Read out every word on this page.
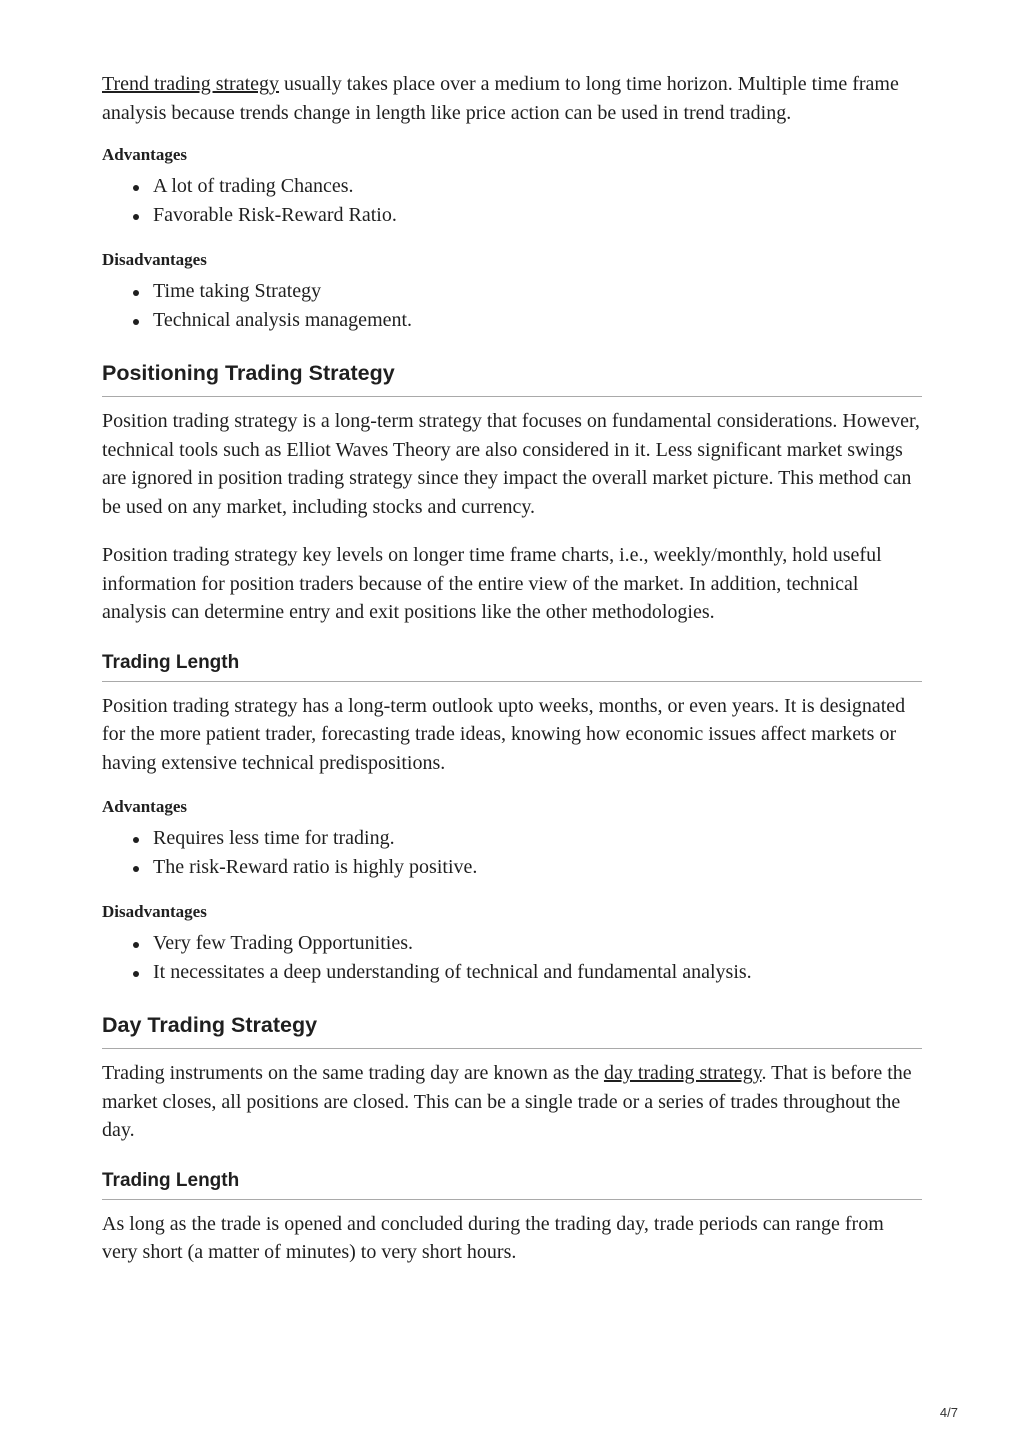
Trend trading strategy usually takes place over a medium to long time horizon. Multiple time frame analysis because trends change in length like price action can be used in trend trading.

Advantages
A lot of trading Chances.
Favorable Risk-Reward Ratio.
Disadvantages
Time taking Strategy
Technical analysis management.
Positioning Trading Strategy

Position trading strategy is a long-term strategy that focuses on fundamental considerations. However, technical tools such as Elliot Waves Theory are also considered in it. Less significant market swings are ignored in position trading strategy since they impact the overall market picture. This method can be used on any market, including stocks and currency.

Position trading strategy key levels on longer time frame charts, i.e., weekly/monthly, hold useful information for position traders because of the entire view of the market. In addition, technical analysis can determine entry and exit positions like the other methodologies.

Trading Length

Position trading strategy has a long-term outlook upto weeks, months, or even years. It is designated for the more patient trader, forecasting trade ideas, knowing how economic issues affect markets or having extensive technical predispositions.

Advantages
Requires less time for trading.
The risk-Reward ratio is highly positive.
Disadvantages
Very few Trading Opportunities.
It necessitates a deep understanding of technical and fundamental analysis.
Day Trading Strategy

Trading instruments on the same trading day are known as the day trading strategy. That is before the market closes, all positions are closed. This can be a single trade or a series of trades throughout the day.

Trading Length

As long as the trade is opened and concluded during the trading day, trade periods can range from very short (a matter of minutes) to very short hours.

4/7
